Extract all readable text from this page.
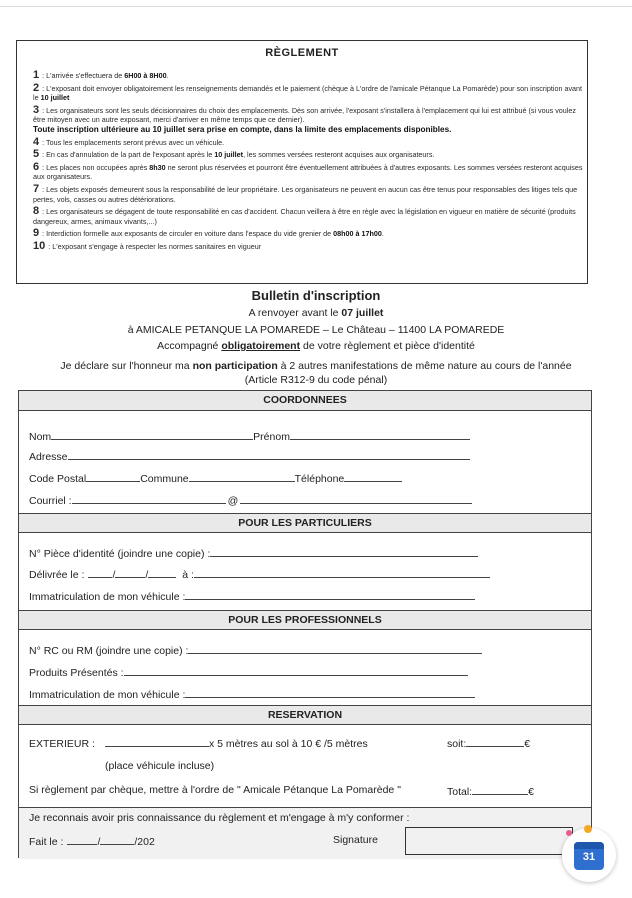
RÈGLEMENT
1 : L'arrivée s'effectuera de 6H00 à 8H00.
2 : L'exposant doit envoyer obligatoirement les renseignements demandés et le paiement (chèque à L'ordre de l'amicale Pétanque La Pomarède) pour son inscription avant le 10 juillet
3 : Les organisateurs sont les seuls décisionnaires du choix des emplacements. Dès son arrivée, l'exposant s'installera à l'emplacement qui lui est attribué (si vous voulez être mitoyen avec un autre exposant, merci d'arriver en même temps que ce dernier).
Toute inscription ultérieure au 10 juillet sera prise en compte, dans la limite des emplacements disponibles.
4 : Tous les emplacements seront prévus avec un véhicule.
5 : En cas d'annulation de la part de l'exposant après le 10 juillet, les sommes versées resteront acquises aux organisateurs.
6 : Les places non occupées après 8h30 ne seront plus réservées et pourront être éventuellement attribuées à d'autres exposants. Les sommes versées resteront acquises aux organisateurs.
7 : Les objets exposés demeurent sous la responsabilité de leur propriétaire. Les organisateurs ne peuvent en aucun cas être tenus pour responsables des litiges tels que pertes, vols, casses ou autres détériorations.
8 : Les organisateurs se dégagent de toute responsabilité en cas d'accident. Chacun veillera à être en règle avec la législation en vigueur en matière de sécurité (produits dangereux, armes, animaux vivants,...)
9 : Interdiction formelle aux exposants de circuler en voiture dans l'espace du vide grenier de 08h00 à 17h00.
10 : L'exposant s'engage à respecter les normes sanitaires en vigueur
Bulletin d'inscription
A renvoyer avant le 07 juillet
à AMICALE PETANQUE LA POMAREDE – Le Château – 11400 LA POMAREDE
Accompagné obligatoirement de votre règlement et pièce d'identité
Je déclare sur l'honneur ma non participation à 2 autres manifestations de même nature au cours de l'année
(Article R312-9 du code pénal)
COORDONNEES
Nom	Prénom
Adresse
Code Postal	Commune	Téléphone
Courriel :	@
POUR LES PARTICULIERS
N° Pièce d'identité (joindre une copie) :
Délivrée le :	/	/	à :
Immatriculation de mon véhicule :
POUR LES PROFESSIONNELS
N° RC ou RM (joindre une copie) :
Produits Présentés :
Immatriculation de mon véhicule :
RESERVATION
EXTERIEUR :	x 5 mètres au sol à 10 € /5 mètres	soit:	€
(place véhicule incluse)
Si règlement par chèque, mettre à l'ordre de " Amicale Pétanque La Pomarède "	Total:	€
Je reconnais avoir pris connaissance du règlement et m'engage à m'y conformer :
Fait le :	/	/202	Signature
31
